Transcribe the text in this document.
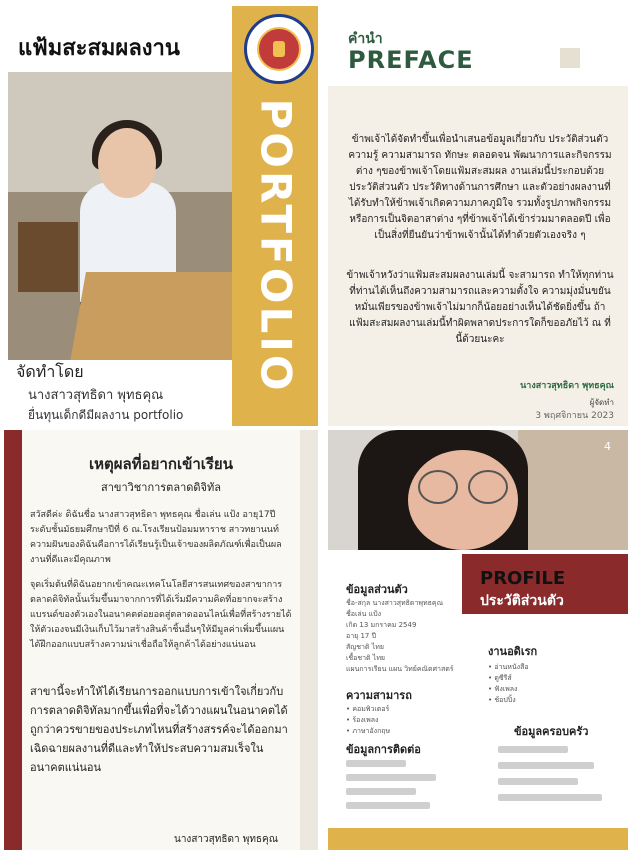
แฟ้มสะสมผลงาน
PORTFOLIO
จัดทำโดย
นางสาวสุทธิดา พุทธคุณ
ยื่นทุนเด็กดีมีผลงาน portfolio
คำนำ
PREFACE
ข้าพเจ้าได้จัดทำขึ้นเพื่อนำเสนอข้อมูลเกี่ยวกับ ประวัติส่วนตัว ความรู้ ความสามารถ ทักษะ ตลอดจน พัฒนาการและกิจกรรมต่าง ๆของข้าพเจ้าโดยแฟ้มสะสมผล งานเล่มนี้ประกอบด้วยประวัติส่วนตัว ประวัติทางด้านการศึกษา และตัวอย่างผลงานที่ได้รับทำให้ข้าพเจ้าเกิดความภาคภูมิใจ รวมทั้งรูปภาพกิจกรรมหรือการเป็นจิตอาสาต่าง ๆที่ข้าพเจ้าได้เข้าร่วมมาตลอดปี เพื่อเป็นสิ่งที่ยืนยันว่าข้าพเจ้านั้นได้ทำด้วยตัวเองจริง ๆ
ข้าพเจ้าหวังว่าแฟ้มสะสมผลงานเล่มนี้ จะสามารถ ทำให้ทุกท่านที่ท่านได้เห็นถึงความสามารถและความตั้งใจ ความมุ่งมั่นขยันหมั่นเพียรของข้าพเจ้าไม่มากก็น้อยอย่างเห็นได้ชัดยิ่งขึ้น ถ้าแฟ้มสะสมผลงานเล่มนี้ทำผิดพลาดประการใดก็ขออภัยไว้ ณ ที่นี้ด้วยนะคะ
นางสาวสุทธิดา พุทธคุณ
ผู้จัดทำ
3 พฤศจิกายน 2023
เหตุผลที่อยากเข้าเรียน
สาขาวิชาการตลาดดิจิทัล
สวัสดีค่ะ ดิฉันชื่อ นางสาวสุทธิดา พุทธคุณ ชื่อเล่น แป้ง อายุ17ปี ระดับชั้นมัธยมศึกษาปีที่ 6 ณ.โรงเรียนป้อมมหาราช สาวทยานนท์ ความฝันของดิฉันคือการได้เรียนรู้เป็นเจ้าของผลิตภัณฑ์เพื่อเป็นผลงานที่ดีและมีคุณภาพ
จุดเริ่มต้นที่ดิฉันอยากเข้าคณะเทคโนโลยีสารสนเทศของสาขาการตลาดดิจิทัลนั้นเริ่มขึ้นมาจากการที่ได้เริ่มมีความคิดที่อยากจะสร้างแบรนด์ของตัวเองในอนาคตต่อยอดสู่ตลาดออนไลน์เพื่อที่สร้างรายได้ให้ตัวเองจนมีเงินเก็บไว้มาสร้างสินค้าชิ้นอื่นๆให้มีมูลค่าเพิ่มขึ้นแผนได้ฝึกออกแบบสร้างความน่าเชื่อถือให้ลูกค้าได้อย่างแน่นอน
สาขานี้จะทำให้ได้เรียนการออกแบบการเข้าใจเกี่ยวกับการตลาดดิจิทัลมากขึ้นเพื่อที่จะได้วางแผนในอนาคตได้ถูกว่าควรขายของประเภทไหนที่สร้างสรรค์จะได้ออกมาเฉิดฉายผลงานที่ดีและทำให้ประสบความสมเร็จในอนาคตแน่นอน
นางสาวสุทธิดา พุทธคุณ
4
PROFILE
ประวัติส่วนตัว
ข้อมูลส่วนตัว
ชื่อ-สกุล นางสาวสุทธิดาพุทธคุณ
ชื่อเล่น แป้ง
เกิด 13 มกราคม 2549
อายุ 17 ปี
สัญชาติ ไทย
เชื้อชาติ ไทย
แผนการเรียน แผน วิทย์คณิตศาสตร์
งานอดิเรก
• อ่านหนังสือ
• ดูซีรีส์
• ฟังเพลง
• ช้อปปิ้ง
ความสามารถ
• คอมพิวเตอร์
• ร้องเพลง
• ภาษาอังกฤษ
ข้อมูลการติดต่อ
ข้อมูลครอบครัว
